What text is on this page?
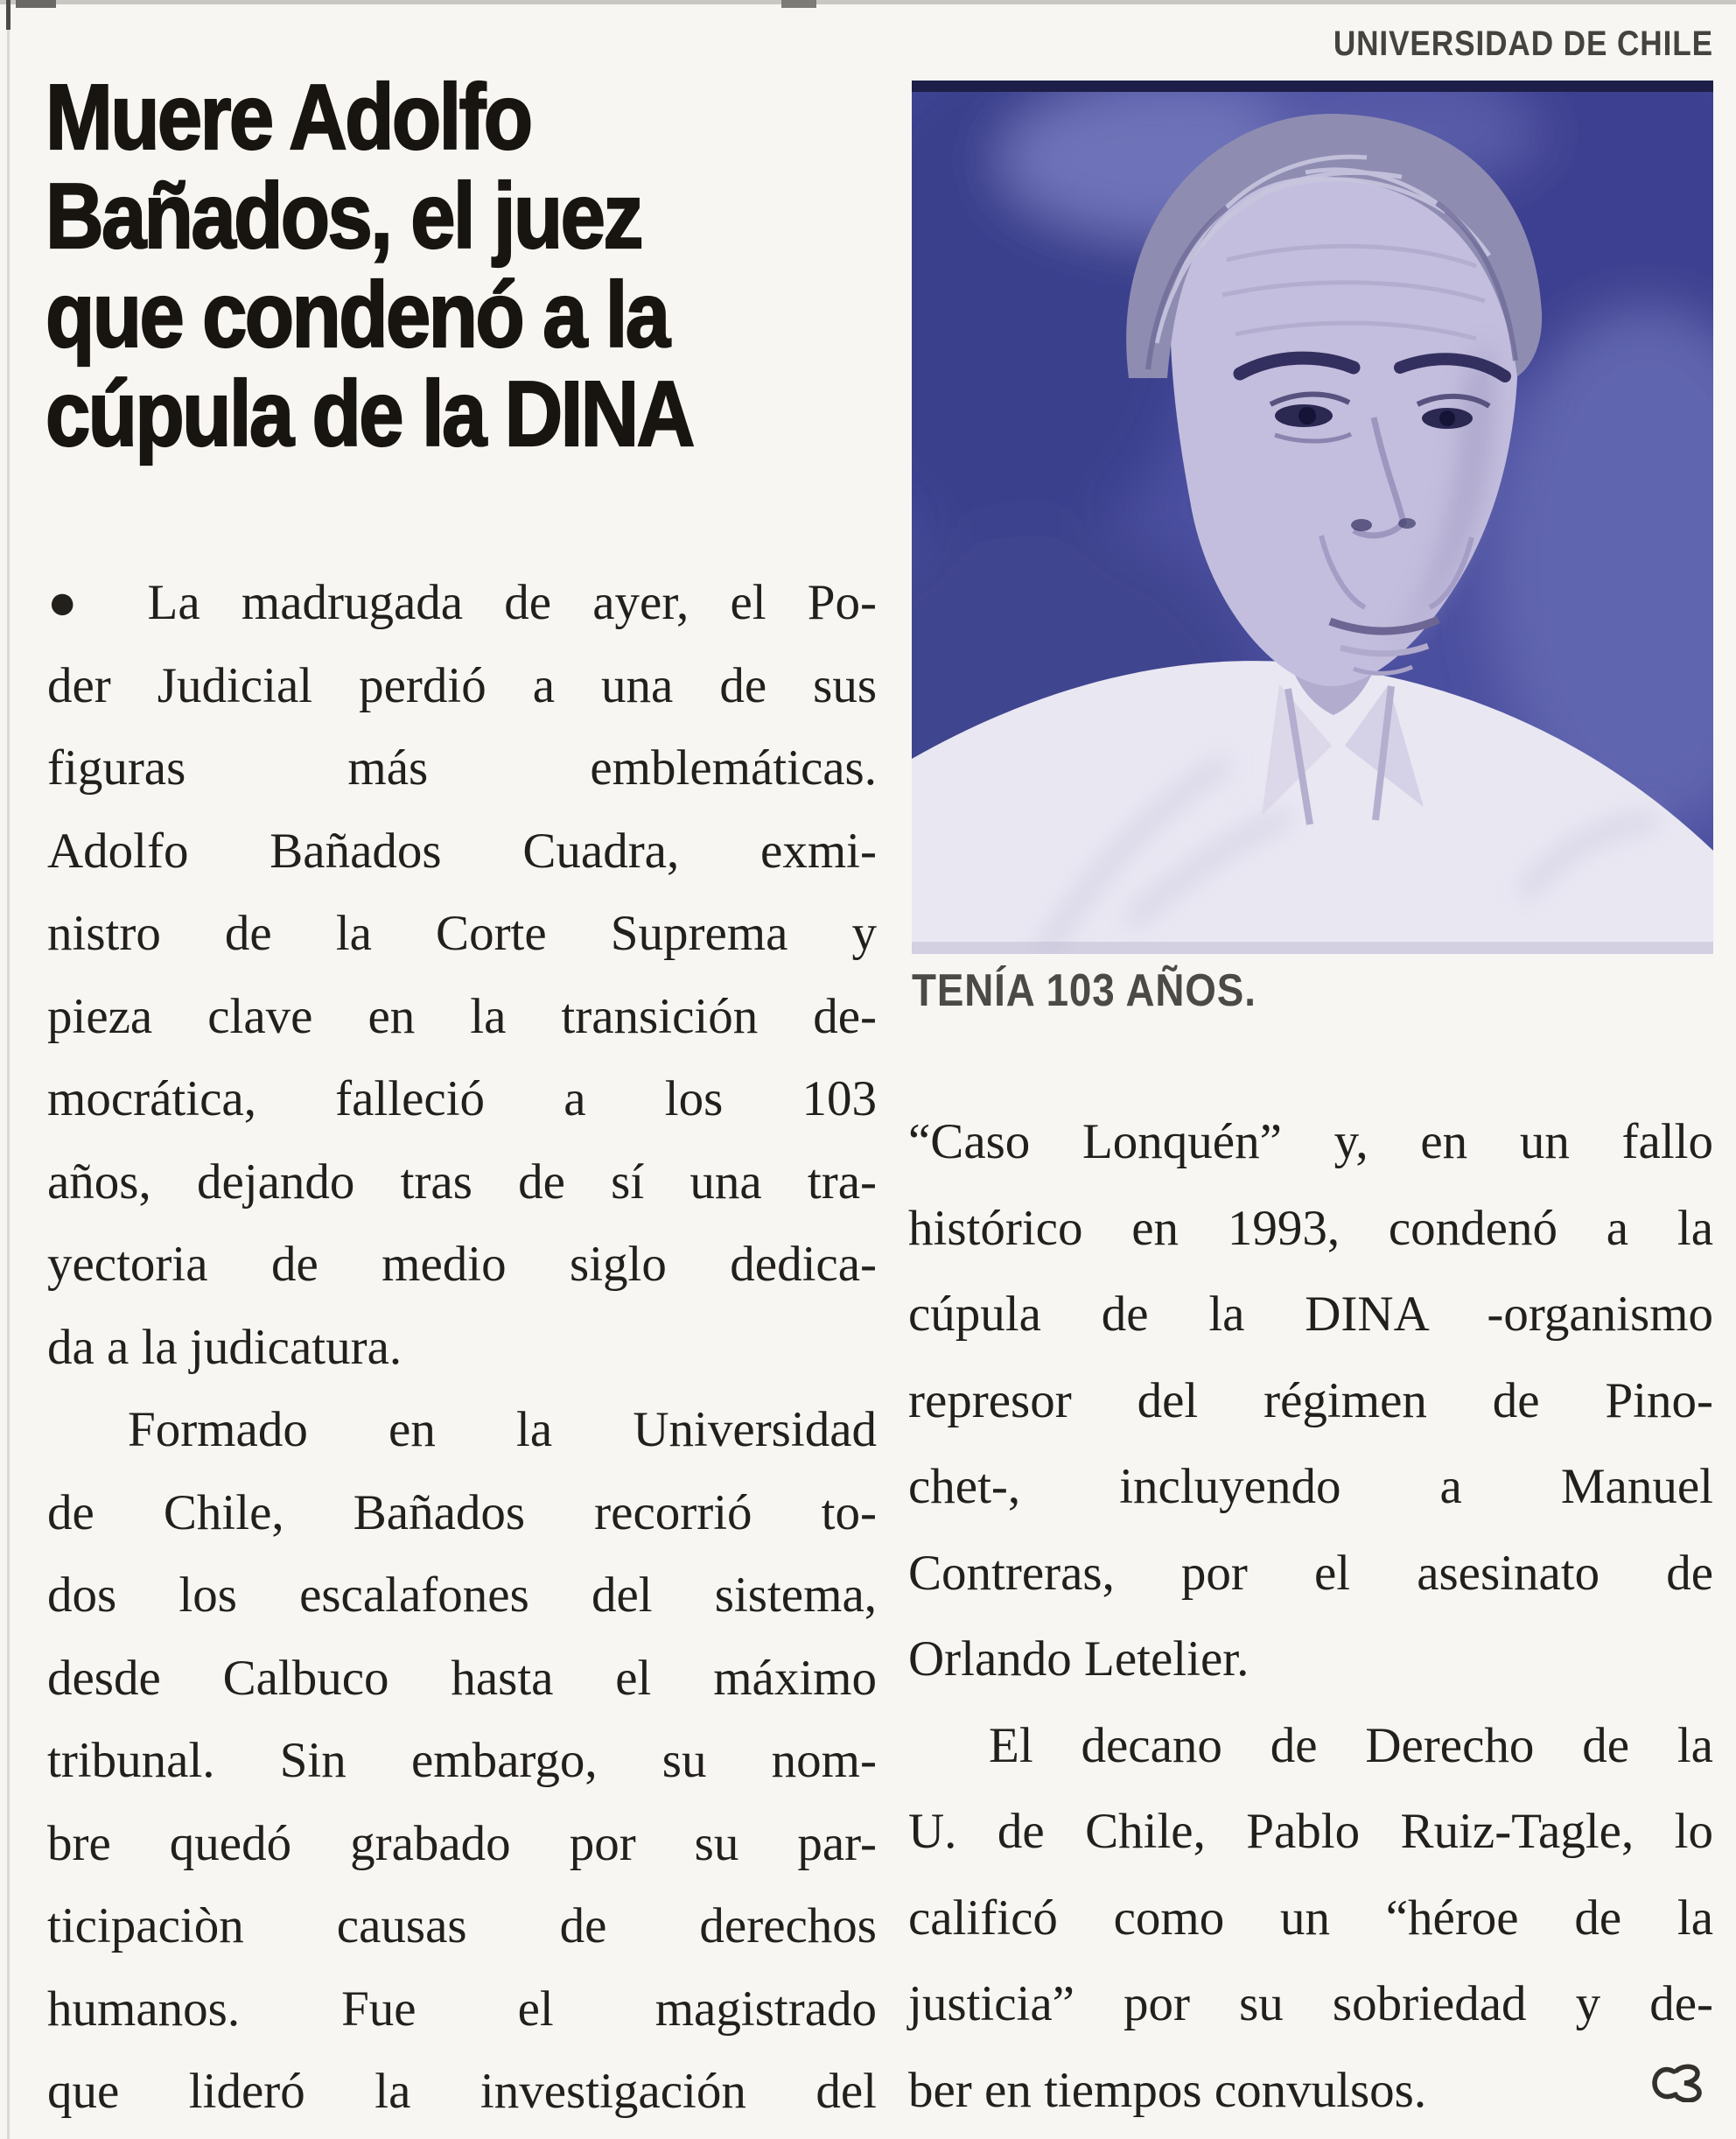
Muere Adolfo
Bañados, el juez
que condenó a la
cúpula de la DINA
UNIVERSIDAD DE CHILE
TENÍA 103 AÑOS.
● La madrugada de ayer, el Po-
der Judicial perdió a una de sus
figuras más emblemáticas.
Adolfo Bañados Cuadra, exmi-
nistro de la Corte Suprema y
pieza clave en la transición de-
mocrática, falleció a los 103
años, dejando tras de sí una tra-
yectoria de medio siglo dedica-
da a la judicatura.
Formado en la Universidad
de Chile, Bañados recorrió to-
dos los escalafones del sistema,
desde Calbuco hasta el máximo
tribunal. Sin embargo, su nom-
bre quedó grabado por su par-
ticipaciòn causas de derechos
humanos. Fue el magistrado
que lideró la investigación del
“Caso Lonquén” y, en un fallo
histórico en 1993, condenó a la
cúpula de la DINA -organismo
represor del régimen de Pino-
chet-, incluyendo a Manuel
Contreras, por el asesinato de
Orlando Letelier.
El decano de Derecho de la
U. de Chile, Pablo Ruiz-Tagle, lo
calificó como un “héroe de la
justicia” por su sobriedad y de-
ber en tiempos convulsos.
